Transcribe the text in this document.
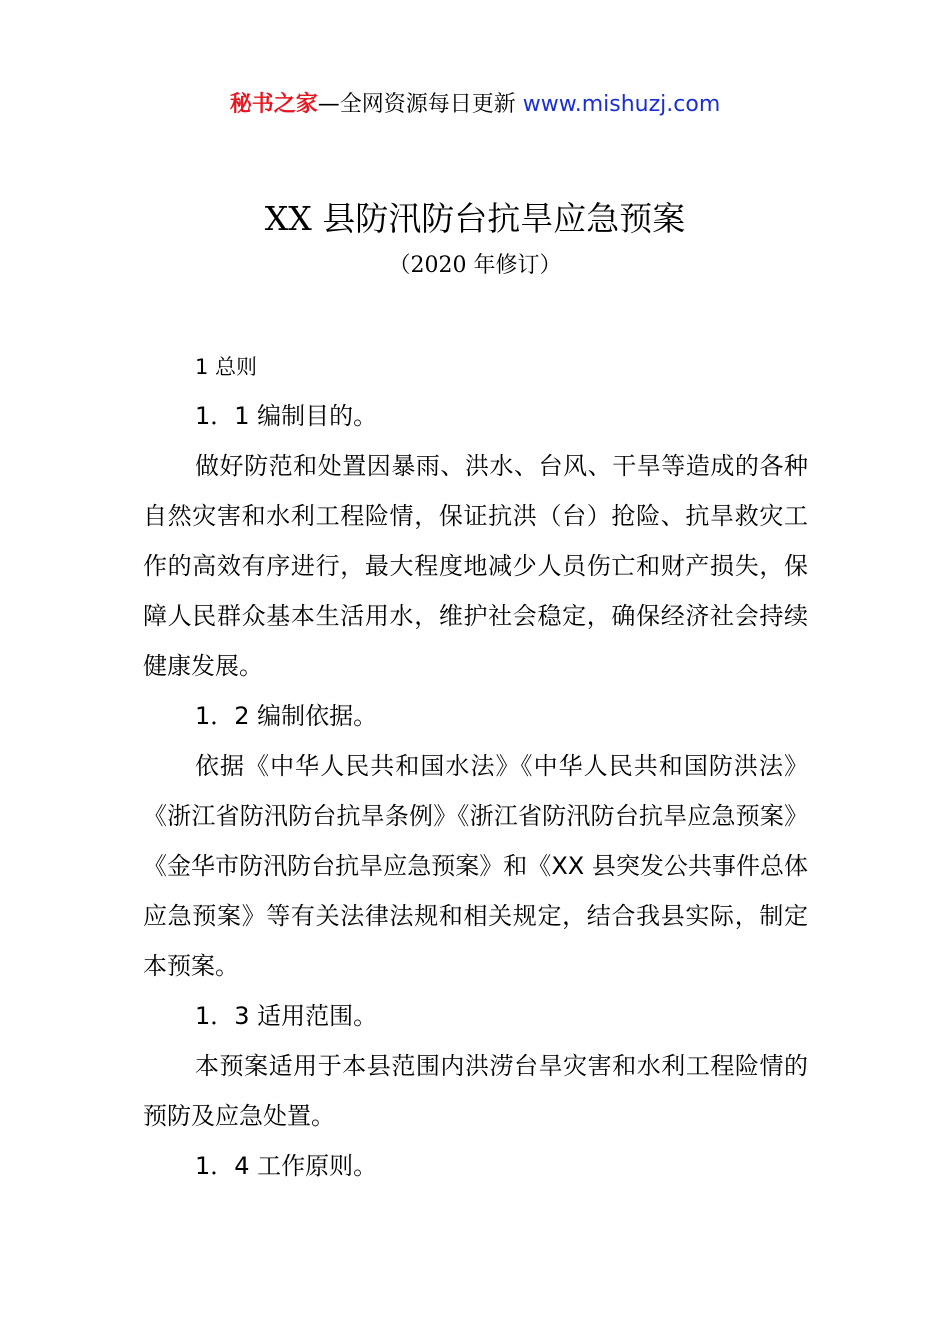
秘书之家—全网资源每日更新 www.mishuzj.com
XX 县防汛防台抗旱应急预案
（2020 年修订）

1 总则

1．1 编制目的。

做好防范和处置因暴雨、洪水、台风、干旱等造成的各种自然灾害和水利工程险情，保证抗洪（台）抢险、抗旱救灾工作的高效有序进行，最大程度地减少人员伤亡和财产损失，保障人民群众基本生活用水，维护社会稳定，确保经济社会持续健康发展。

1．2 编制依据。

依据《中华人民共和国水法》《中华人民共和国防洪法》《浙江省防汛防台抗旱条例》《浙江省防汛防台抗旱应急预案》《金华市防汛防台抗旱应急预案》和《XX 县突发公共事件总体应急预案》等有关法律法规和相关规定，结合我县实际，制定本预案。

1．3 适用范围。

本预案适用于本县范围内洪涝台旱灾害和水利工程险情的预防及应急处置。

1．4 工作原则。
